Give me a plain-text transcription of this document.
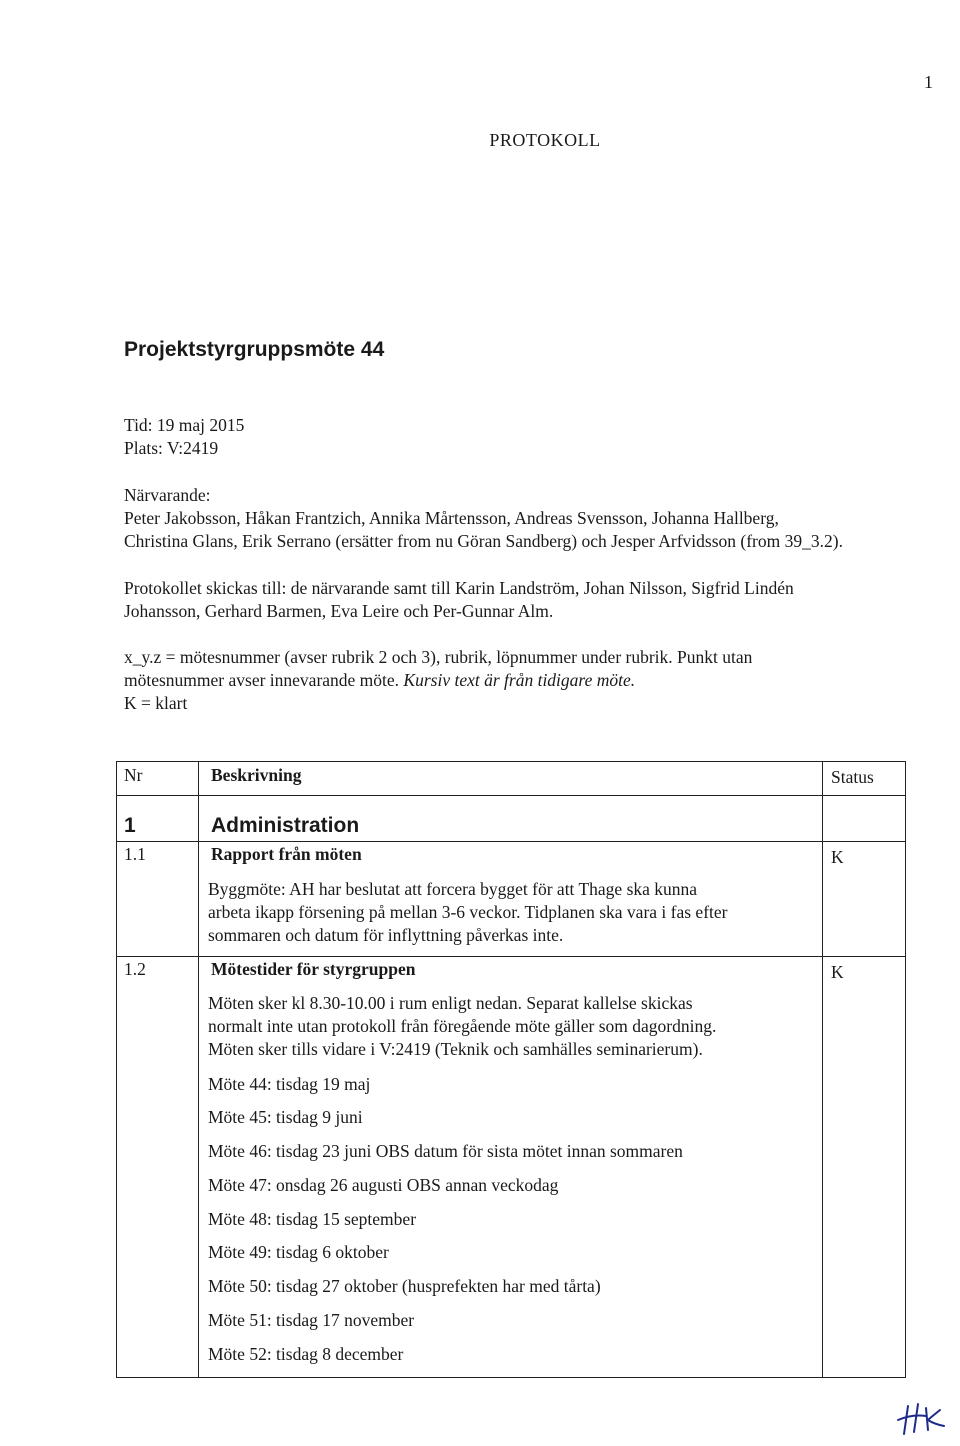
1
PROTOKOLL
Projektstyrgruppsmöte 44
Tid: 19 maj 2015
Plats: V:2419
Närvarande:
Peter Jakobsson, Håkan Frantzich, Annika Mårtensson, Andreas Svensson, Johanna Hallberg,
Christina Glans, Erik Serrano (ersätter from nu Göran Sandberg) och Jesper Arfvidsson (from 39_3.2).
Protokollet skickas till: de närvarande samt till Karin Landström, Johan Nilsson, Sigfrid Lindén
Johansson, Gerhard Barmen, Eva Leire och Per-Gunnar Alm.
x_y.z = mötesnummer (avser rubrik 2 och 3), rubrik, löpnummer under rubrik. Punkt utan
mötesnummer avser innevarande möte. Kursiv text är från tidigare möte.
K = klart
Nr	Beskrivning	Status
1	Administration
1.1	Rapport från möten	K
Byggmöte: AH har beslutat att forcera bygget för att Thage ska kunna
arbeta ikapp försening på mellan 3-6 veckor. Tidplanen ska vara i fas efter
sommaren och datum för inflyttning påverkas inte.
1.2	Mötestider för styrgruppen	K
Möten sker kl 8.30-10.00 i rum enligt nedan. Separat kallelse skickas
normalt inte utan protokoll från föregående möte gäller som dagordning.
Möten sker tills vidare i V:2419 (Teknik och samhälles seminarierum).
Möte 44: tisdag 19 maj
Möte 45: tisdag 9 juni
Möte 46: tisdag 23 juni OBS datum för sista mötet innan sommaren
Möte 47: onsdag 26 augusti OBS annan veckodag
Möte 48: tisdag 15 september
Möte 49: tisdag 6 oktober
Möte 50: tisdag 27 oktober (husprefekten har med tårta)
Möte 51: tisdag 17 november
Möte 52: tisdag 8 december
